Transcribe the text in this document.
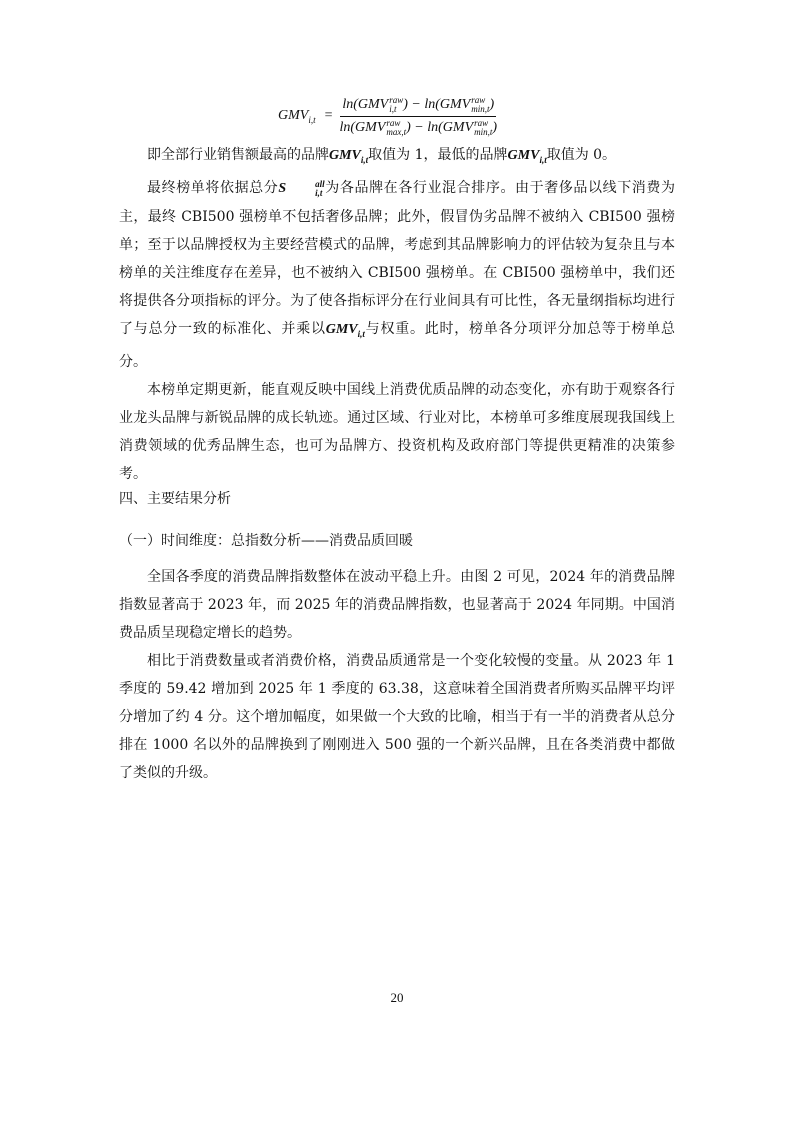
$GMV_{i,t} = \ln(GMV$ raw
i,t ) − ln(GMV raw
min,t )
ln(GMV raw
max,t ) − ln(GMV raw
min,t )

即全部行业销售额最高的品牌$GMV_{i,t}$取值为 1，最低的品牌$GMV_{i,t}$取值为 0。

最终榜单将依据总分S	all
i,t 为各品牌在各行业混合排序。由于奢侈品以线下消费为主，最终 CBI500 强榜单不包括奢侈品牌；此外，假冒伪劣品牌不被纳入 CBI500 强榜单；至于以品牌授权为主要经营模式的品牌，考虑到其品牌影响力的评估较为复杂且与本榜单的关注维度存在差异，也不被纳入 CBI500 强榜单。在 CBI500 强榜单中，我们还将提供各分项指标的评分。为了使各指标评分在行业间具有可比性，各无量纲指标均进行了与总分一致的标准化、并乘以$GMV_{i,t}$与权重。此时，榜单各分项评分加总等于榜单总分。

本榜单定期更新，能直观反映中国线上消费优质品牌的动态变化，亦有助于观察各行业龙头品牌与新锐品牌的成长轨迹。通过区域、行业对比，本榜单可多维度展现我国线上消费领域的优秀品牌生态，也可为品牌方、投资机构及政府部门等提供更精准的决策参考。

四、主要结果分析

（一）时间维度：总指数分析——消费品质回暖

全国各季度的消费品牌指数整体在波动平稳上升。由图 2 可见，2024 年的消费品牌指数显著高于 2023 年，而 2025 年的消费品牌指数，也显著高于 2024 年同期。中国消费品质呈现稳定增长的趋势。

相比于消费数量或者消费价格，消费品质通常是一个变化较慢的变量。从 2023 年 1 季度的 59.42 增加到 2025 年 1 季度的 63.38，这意味着全国消费者所购买品牌平均评分增加了约 4 分。这个增加幅度，如果做一个大致的比喻，相当于有一半的消费者从总分排在 1000 名以外的品牌换到了刚刚进入 500 强的一个新兴品牌，且在各类消费中都做了类似的升级。

20
